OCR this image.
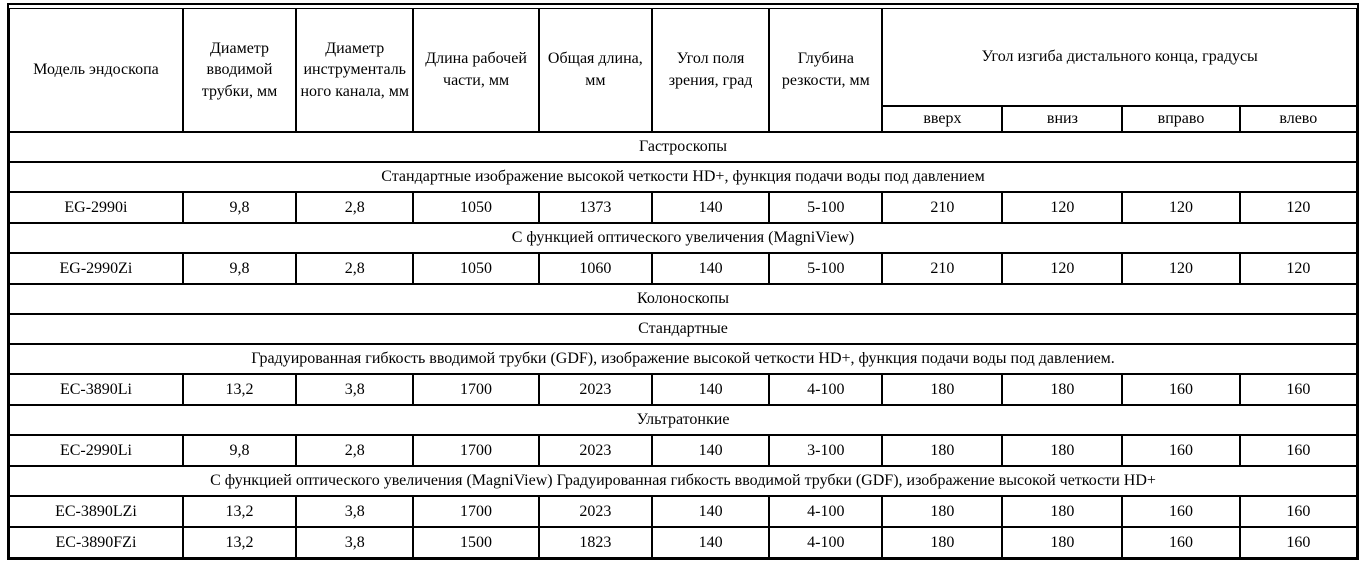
Модель эндоскопа	Диаметр вводимой трубки, мм	Диаметр инструментального канала, мм	Длина рабочей части, мм	Общая длина, мм	Угол поля зрения, град	Глубина резкости, мм	Угол изгиба дистального конца, градусы			
							вверх	вниз	вправо	влево
Гастроскопы										
Стандартные изображение высокой четкости HD+, функция подачи воды под давлением										
EG-2990i	9,8	2,8	1050	1373	140	5-100	210	120	120	120
С функцией оптического увеличения (MagniView)										
EG-2990Zi	9,8	2,8	1050	1060	140	5-100	210	120	120	120
Колоноскопы										
Стандартные										
Градуированная гибкость вводимой трубки (GDF), изображение высокой четкости HD+, функция подачи воды под давлением.										
EC-3890Li	13,2	3,8	1700	2023	140	4-100	180	180	160	160
Ультратонкие										
EC-2990Li	9,8	2,8	1700	2023	140	3-100	180	180	160	160
С функцией оптического увеличения (MagniView) Градуированная гибкость вводимой трубки (GDF), изображение высокой четкости HD+										
EC-3890LZi	13,2	3,8	1700	2023	140	4-100	180	180	160	160
EC-3890FZi	13,2	3,8	1500	1823	140	4-100	180	180	160	160
